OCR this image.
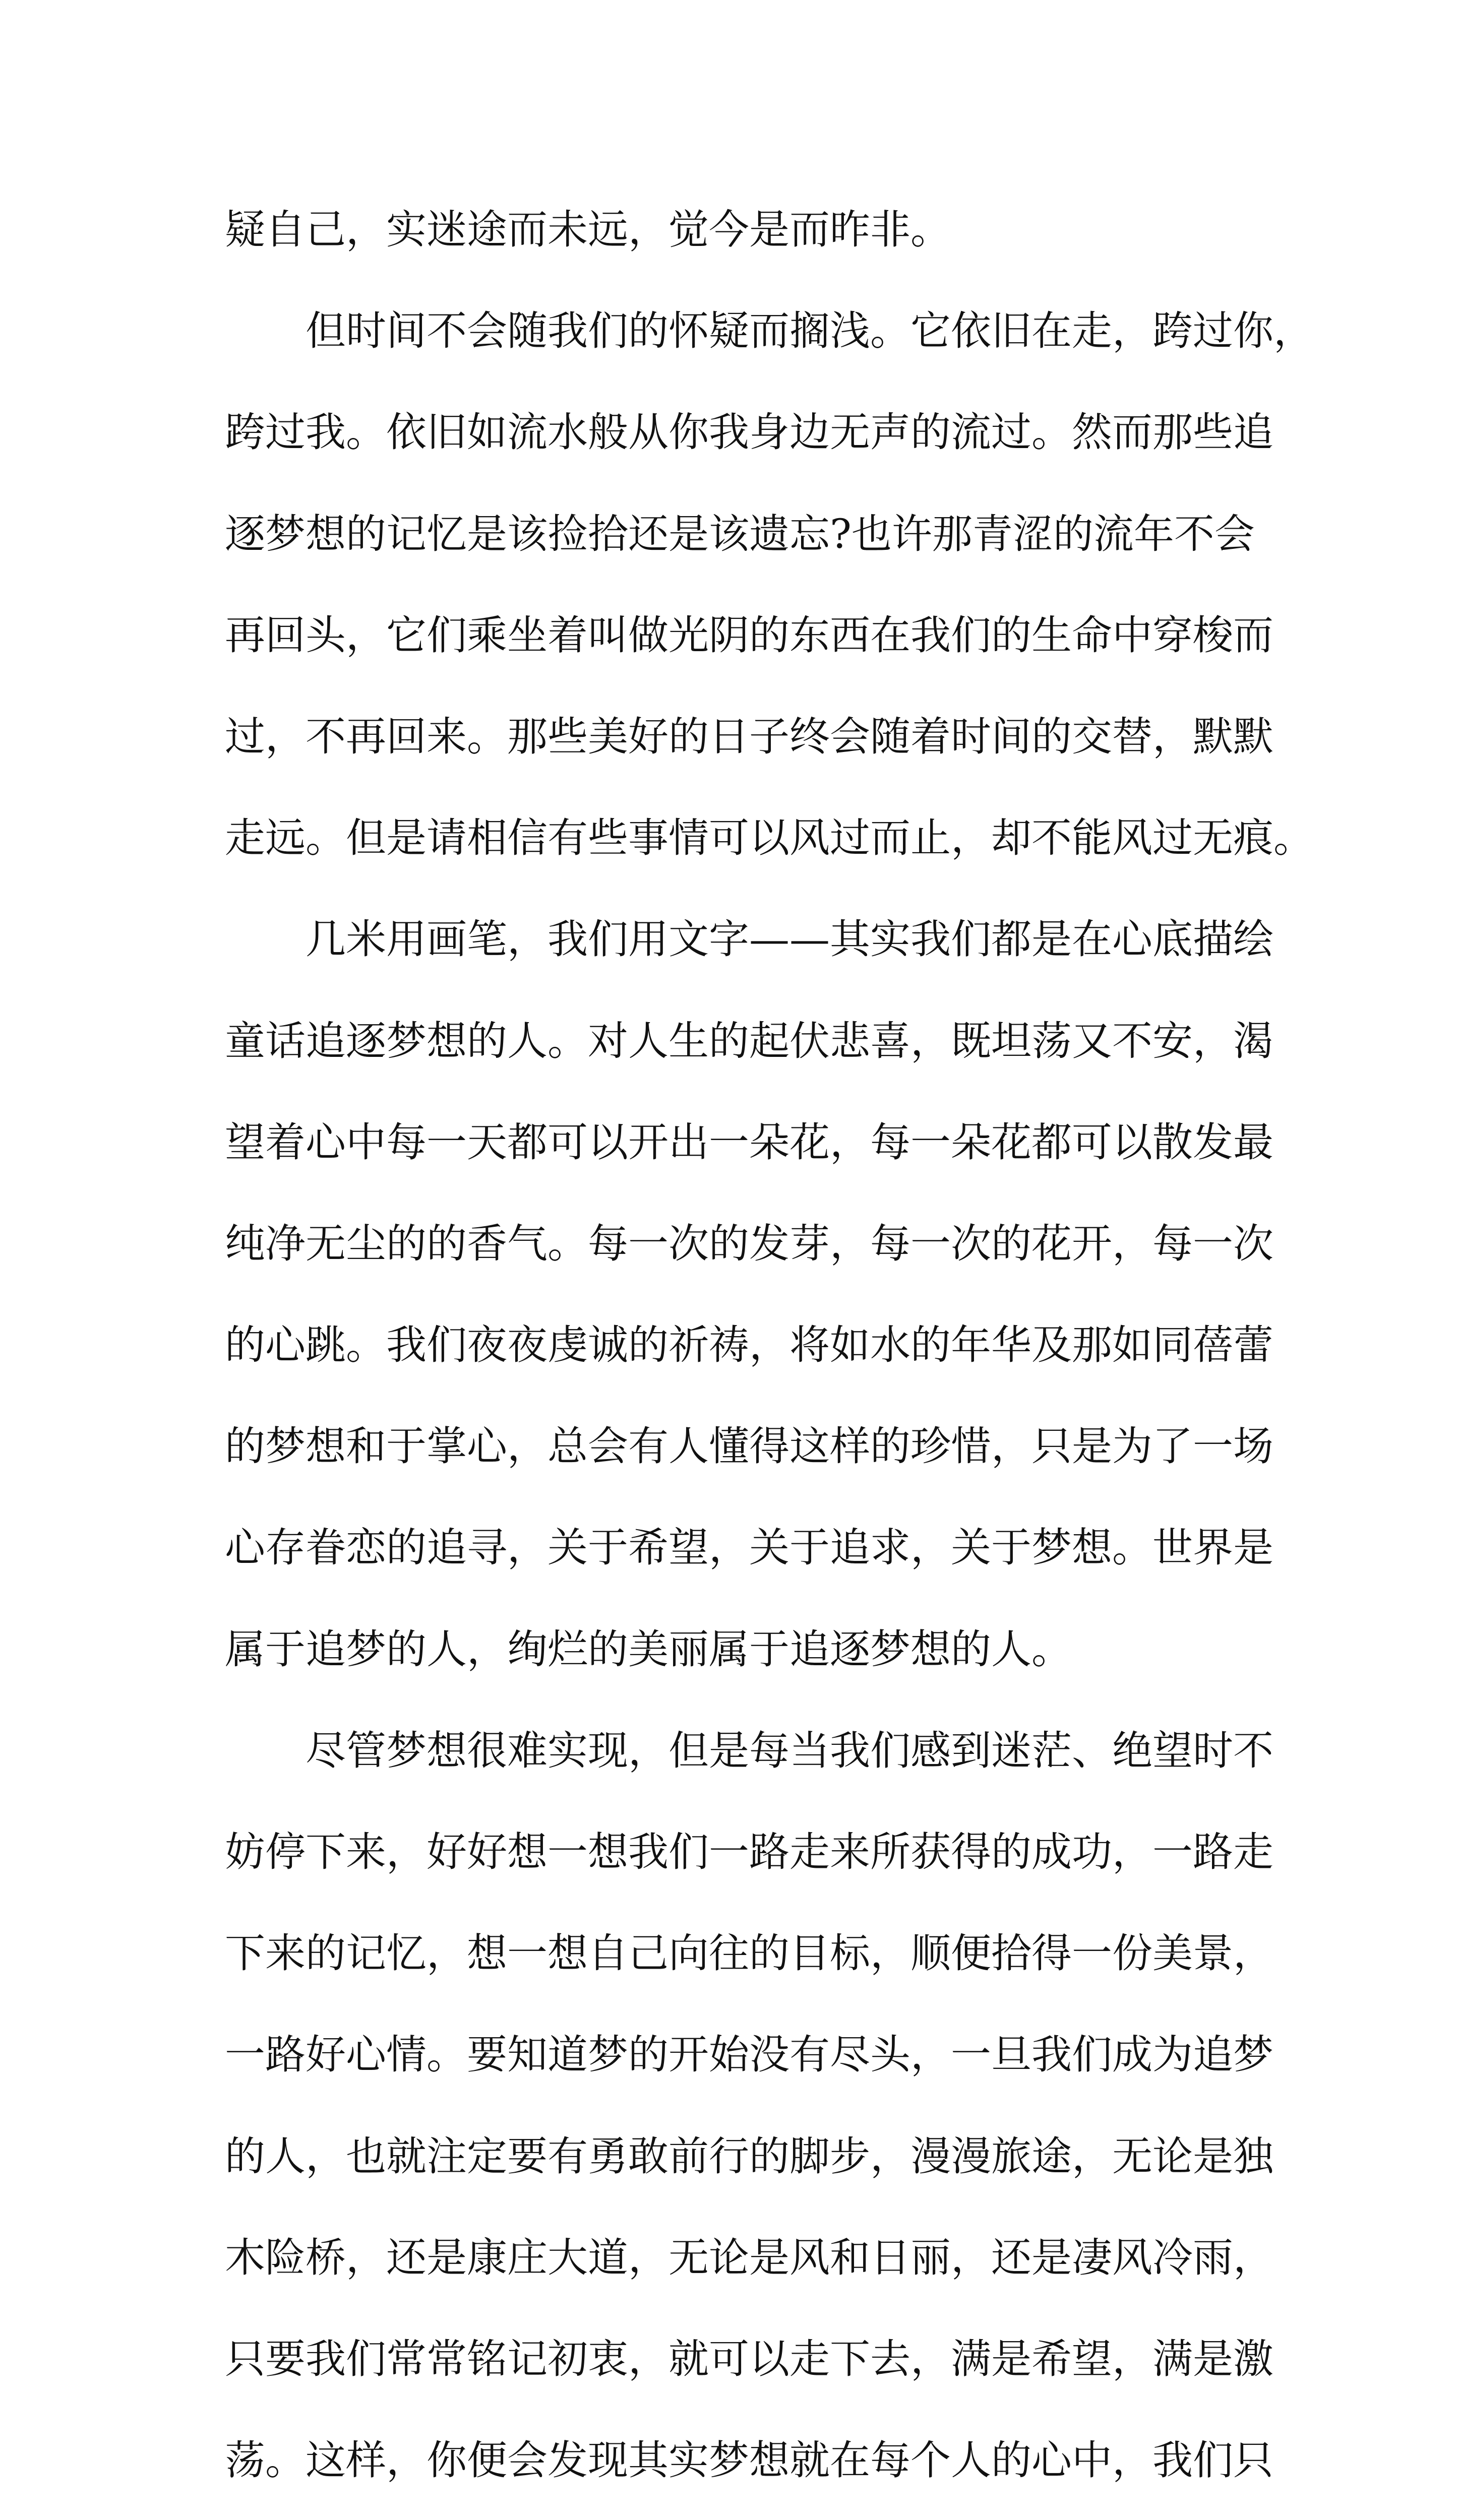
疑自己，实迷途而未远，觉今是而昨非。
但时间不会随我们的怀疑而搁浅。它依旧在走，跨过你，
跨过我。依旧如流水般从你我身边无声的流过。然而那些追
逐梦想的记忆是该捡拾还是该遗忘?也许那青涩的流年不会
再回头，它们乘坐着叫做光阴的东西在我们的生命中穿梭而
过，不再回来。那些美好的日子终会随着时间的交替，默默
走远。但是请相信有些事情可以风过而止，却不能风过无痕。
几米用画笔，我们用文字——其实我们都是在心底描绘
童话追逐梦想的人。对人生的起伏悲喜，既坦荡又不安，渴
望着心中每一天都可以开出一朵花，每一朵花都可以散发最
纯净无尘的的香气。每一次的发芽，每一次的花开，每一次
的心跳。我们夜夜虔诚的祈祷，将如水的年华及那如同蓓蕾
的梦想和于掌心，总会有人懂得这样的珍惜，只是为了一场
心存眷恋的追寻，关于希望，关于追求，关于梦想。世界是
属于追梦的人，绚烂的美丽属于追逐梦想的人。
尽管梦想很难实现，但是每当我们感到迷茫、绝望时不
妨停下来，好好想一想我们一路走来所获得的成功，一路走
下来的记忆，想一想自己向往的目标，顺便拾得一份美景，
一路好心情。要知道梦的开始没有尽头，一旦我们成为追梦
的人，也就注定要有勇敢前行的脚步，漫漫旅途，无论是独
木险桥，还是康庄大道，无论是风和日丽，还是凄风冷雨，
只要我们常常铭记初衷，就可以走下去，满是希望，满是激
荡。这样，你便会发现其实梦想就在每个人的心中，我们只
